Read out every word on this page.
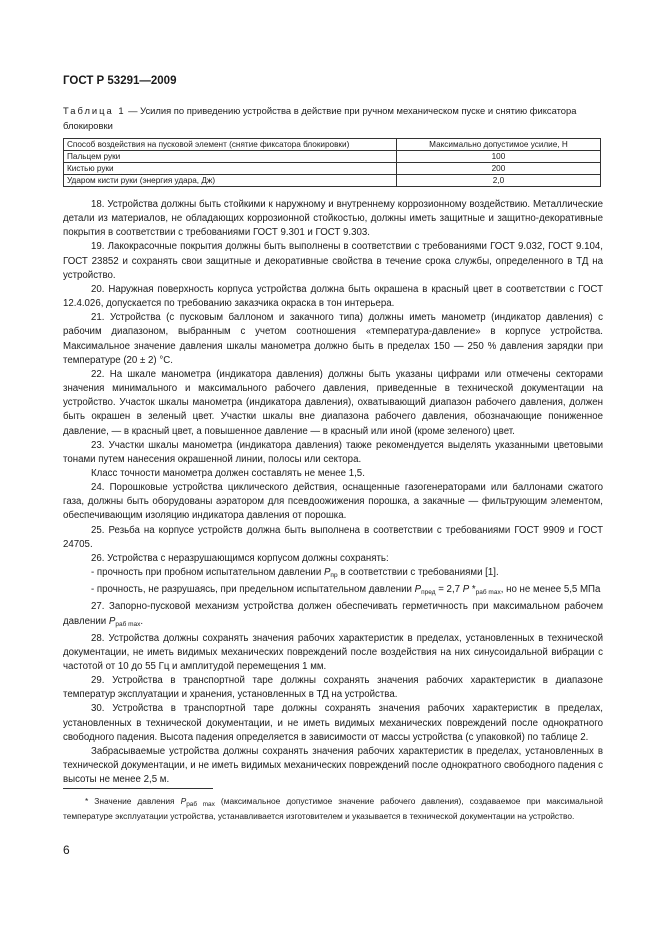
ГОСТ Р 53291—2009
Таблица 1 — Усилия по приведению устройства в действие при ручном механическом пуске и снятию фиксатора блокировки
Способ воздействия на пусковой элемент (снятие фиксатора блокировки)	Максимально допустимое усилие, Н
Пальцем руки	100
Кистью руки	200
Ударом кисти руки (энергия удара, Дж)	2,0

18. Устройства должны быть стойкими к наружному и внутреннему коррозионному воздействию. Металлические детали из материалов, не обладающих коррозионной стойкостью, должны иметь защитные и защитно-декоративные покрытия в соответствии с требованиями ГОСТ 9.301 и ГОСТ 9.303.

19. Лакокрасочные покрытия должны быть выполнены в соответствии с требованиями ГОСТ 9.032, ГОСТ 9.104, ГОСТ 23852 и сохранять свои защитные и декоративные свойства в течение срока службы, определенного в ТД на устройство.

20. Наружная поверхность корпуса устройства должна быть окрашена в красный цвет в соответствии с ГОСТ 12.4.026, допускается по требованию заказчика окраска в тон интерьера.

21. Устройства (с пусковым баллоном и закачного типа) должны иметь манометр (индикатор давления) с рабочим диапазоном, выбранным с учетом соотношения «температура-давление» в корпусе устройства. Максимальное значение давления шкалы манометра должно быть в пределах 150 — 250 % давления зарядки при температуре (20 ± 2) °С.

22. На шкале манометра (индикатора давления) должны быть указаны цифрами или отмечены секторами значения минимального и максимального рабочего давления, приведенные в технической документации на устройство. Участок шкалы манометра (индикатора давления), охватывающий диапазон рабочего давления, должен быть окрашен в зеленый цвет. Участки шкалы вне диапазона рабочего давления, обозначающие пониженное давление, — в красный цвет, а повышенное давление — в красный или иной (кроме зеленого) цвет.

23. Участки шкалы манометра (индикатора давления) также рекомендуется выделять указанными цветовыми тонами путем нанесения окрашенной линии, полосы или сектора.

Класс точности манометра должен составлять не менее 1,5.

24. Порошковые устройства циклического действия, оснащенные газогенераторами или баллонами сжатого газа, должны быть оборудованы аэратором для псевдоожижения порошка, а закачные — фильтрующим элементом, обеспечивающим изоляцию индикатора давления от порошка.

25. Резьба на корпусе устройств должна быть выполнена в соответствии с требованиями ГОСТ 9909 и ГОСТ 24705.

26. Устройства с неразрушающимся корпусом должны сохранять:

- прочность при пробном испытательном давлении $P_{пр}$ в соответствии с требованиями [1].

- прочность, не разрушаясь, при предельном испытательном давлении $P_{пред} = 2,7$ P $*_{раб max}$, но не менее 5,5 МПа

27. Запорно-пусковой механизм устройства должен обеспечивать герметичность при максимальном рабочем давлении $P_{раб max}$.

28. Устройства должны сохранять значения рабочих характеристик в пределах, установленных в технической документации, не иметь видимых механических повреждений после воздействия на них синусоидальной вибрации с частотой от 10 до 55 Гц и амплитудой перемещения 1 мм.

29. Устройства в транспортной таре должны сохранять значения рабочих характеристик в диапазоне температур эксплуатации и хранения, установленных в ТД на устройства.

30. Устройства в транспортной таре должны сохранять значения рабочих характеристик в пределах, установленных в технической документации, и не иметь видимых механических повреждений после однократного свободного падения. Высота падения определяется в зависимости от массы устройства (с упаковкой) по таблице 2.

Забрасываемые устройства должны сохранять значения рабочих характеристик в пределах, установленных в технической документации, и не иметь видимых механических повреждений после однократного свободного падения с высоты не менее 2,5 м.

* Значение давления $P_{раб max}$ (максимальное допустимое значение рабочего давления), создаваемое при максимальной температуре эксплуатации устройства, устанавливается изготовителем и указывается в технической документации на устройство.

6
